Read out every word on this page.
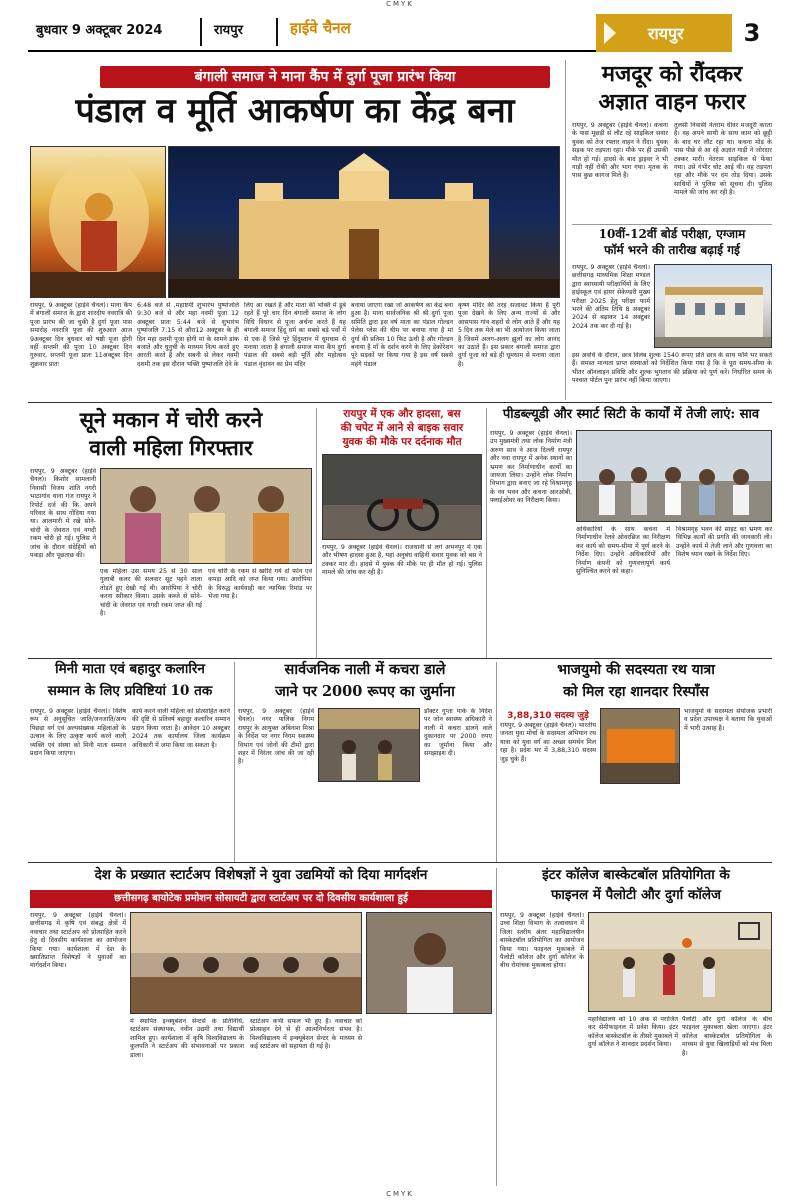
CMYK
बुधवार 9 अक्टूबर 2024	रायपुर	हाईवे चैनल	रायपुर	3
बंगाली समाज ने माना कैंप में दुर्गा पूजा प्रारंभ किया
पंडाल व मूर्ति आकर्षण का केंद्र बना
रायपुर, 9 अक्टूबर (हाईवे चैनल)। माना कैंप में बंगाली समाज के द्वारा शारदीय नवरात्रि की पूजा प्रारंभ की जा चुकी है दुर्गा पूजा पास समारोह नवरात्रि पूजा की शुरुआत आज 9अक्टूबर दिन बुधवार को षष्ठी पूजा होगी वहीं सप्तमी की पूजा 10 अक्टूबर दिन गुरुवार, सप्तमी पूजा प्रातः 11अक्टूबर दिन शुक्रवार प्रातः
6:48 बजे से ,महाष्टमी शुभारंभ पुष्पांजलि 9:30 बजे से और महा नवमी पूजा 12 अक्टूबर प्रातः 5:44 बजे से शुभारंभ पुष्पांजलि 7:15 से औरा12 अक्टूबर के ही दिन महा दशमी पूजा होगी मां के सामने डांक बजाते और धुनुची के माध्यम नित्य करते हुए आरती करते हैं और सबनी से लेकर नवमी दशमी तक इस दौरान भक्ति पुष्पांजलि देने के
लिए आ रखते हैं और माता की भक्ति में डूबे रहते हैं पूरे चार दिन बंगाली समाज के लोग विधि विधान से पूजा अर्चना करते हैं यह बंगाली समाज हिंदू धर्म का सबसे बड़े पर्वों में से एक है जिसे पूरे हिंदुस्तान में धूमधाम से मनाया जाता है बंगाली समाज माना कैंप दुर्गा पंडाल की सबसे बड़ी मूर्ति और महोत्सव पंडाल वृंदावन का प्रेम मंदिर
बनाया जाएगा रखा जो आकर्षण का केंद्र बना हुआ है। माना सार्वजनिक श्री श्री दुर्गा पूजा समिति द्वारा इस वर्ष माता का पंडाल गोल्डन पेलेस प्लेस की थीम पर बनाया गया है मां दुर्गा की प्रतिमा 10 फिट ऊंची है और गोल्डन बनाया है माँ के दर्शन करने के लिए डेकोरेशन पूरे सड़कों पर किया गया है इस वर्ष सबसे महंगे पंडाल
कृष्ण मंदिर की तरह सजावट किया है पूरी पूजा देखने के लिए अन्य राज्यों से और आसपास गांव शहरों से लोग आते हैं और यह 5 दिन तक मेले का भी आयोजन किया जाता है जिसमें अलग-अलग झूलों का लोग आनंद का उठाते हैं। इस प्रकार बंगाली समाज द्वारा दुर्गा पूजा को बड़े ही धूमधाम से मनाया जाता है।
मजदूर को रौंदकर
अज्ञात वाहन फरार
रायपुर, 9 अक्टूबर (हाईवे चैनल)। कचना के पास मूछड़ी से लौट रहे साइकिल सवार युवक को तेज रफ्तार वाहन ने रौंदा। युवक सड़क पर तड़पता रहा। मौके पर ही उसकी मौत हो गई। हादसे के बाद ड्राइवर ने भी गाड़ी नहीं रोकी और भाग गया। मृतक के पास कुछ कागज मिले हैं।
तुलसी निवासी नेतराम धीवर मजदूरी करता है। वह अपने साथी के साथ काम को छूट्टी के बाद घर लौट रहा था। कचना मोड़ के पास पीछे से आ रहे अज्ञात गाड़ी ने जोरदार टक्कर मारी। नेतराम साइकिल से फेंका गया। उसे गंभीर चोट आई थी। वह तड़पता रहा और मौके पर दम तोड़ दिया। उसके साथियों ने पुलिस को सूचना दी। पुलिस मामले की जांच कर रही है।
10वीं-12वीं बोर्ड परीक्षा, एग्जाम
फॉर्म भरने की तारीख बढ़ाई गई
रायपुर, 9 अक्टूबर (हाईवे चैनल)। छत्तीसगढ़ माध्यमिक शिक्षा मण्डल द्वारा स्वाध्यायी परीक्षार्थियों के लिए हाईस्कूल एवं हायर सेकेण्डरी मुख्य परीक्षा 2025 हेतु परीक्षा फार्म भरने की अंतिम तिथि 8 अक्टूबर 2024 से बढ़ाकर 14 अक्टूबर 2024 तक कर दी गई है।
इस अवधि के दौरान, छात्र विलंब शुल्क 1540 रूपए प्रति छात्र के साथ फॉर्म भर सकते हैं। समस्त मान्यता प्राप्त संस्थाओं को निर्देशित किया गया है कि वे पूरा समय-सीमा के भीतर ऑनलाइन प्रविष्टि और शुल्क भुगतान की प्रक्रिया को पूर्ण करें। निर्धारित समय के पश्चात पोर्टल पुनः प्रारंभ नहीं किया जाएगा।
सूने मकान में चोरी करने
वाली महिला गिरफ्तार
रायपुर, 9 अक्टूबर (हाईवे चैनल)। किशोर सामलानी निवासी विजय शांति नगरी भाठागांव थाना गंज रायपुर ने रिपोर्ट दर्ज की कि अपने परिवार के साथ गोंदिया गया था। आलमारी में रखे सोने-चांदी के जेवरात एवं नगदी रकम चोरी हो गई। पुलिस ने जांच के दौरान संदेहियों को पकड़ा और पूछताछ की।
एक महिला उस समय 25 से 30 साल गुलाबी कलर की सलवार सूट पहने ताला तोड़ते हुए देखी गई थी। आरोपिया ने चोरी करना स्वीकार किया। उसके कब्जे से सोने-चांदी के जेवरात एवं नगदी रकम जप्त की गई है।
एवं चोरी के रकम से खरीदे गये दो फ़ोन एवं कपड़ा आदि को जप्त किया गया। आरोपिया के विरुद्ध कार्यवाही कर न्यायिक रिमांड पर भेजा गया है।
रायपुर में एक और हादसा, बस
की चपेट में आने से बाइक सवार
युवक की मौके पर दर्दनाक मौत
रायपुर, 9 अक्टूबर (हाईवे चैनल)। राजधानी से लगे अभनपुर में एक और भीषण हादसा हुआ है, यहां अनुबंध वाहिनी सवार युवक को बस ने टक्कर मार दी। हादसे में युवक की मौके पर ही मौत हो गई। पुलिस मामले की जांच कर रही है।
पीडब्ल्यूडी और स्मार्ट सिटी के कार्यों में तेजी लाएं: साव
रायपुर, 9 अक्टूबर (हाईवे चैनल)। उप मुख्यमंत्री तथा लोक निर्माण मंत्री अरुण साव ने आज दिल्ली रायपुर और नवा रायपुर में अनेक स्थानों का भ्रमण कर निर्माणाधीन कार्यों का जायजा लिया। उन्होंने लोक निर्माण विभाग द्वारा बनाए जा रहे विश्रामगृह के नव भवन और कचना आरओबी, फ्लाईओवर का निरीक्षण किया।
अधिकारियों के साथ कचना में निर्माणाधीन रेलवे ओवरब्रिज का निरीक्षण कर कार्य को समय-सीमा में पूर्ण करने के निर्देश दिए। उन्होंने अधिकारियों और निर्माण कंपनी को गुणवत्तापूर्ण कार्य सुनिश्चित करने को कहा।
विश्रामगृह भवन की साइट का भ्रमण कर विभिन्न कार्यों की प्रगति की जानकारी ली। उन्होंने कार्य में तेजी लाने और गुणवत्ता का विशेष ध्यान रखने के निर्देश दिए।
मिनी माता एवं बहादुर कलारिन
सम्मान के लिए प्रविष्टियां 10 तक
रायपुर, 9 अक्टूबर (हाईवे चैनल)। विशेष रूप से अनुसूचित जाति/जनजाति/अन्य पिछड़ा वर्ग एवं अल्पसंख्यक महिलाओं के उत्थान के लिए उत्कृष्ट कार्य करने वाली व्यक्ति एवं संस्था को मिनी माता सम्मान प्रदान किया जाएगा।
कार्य करने वाली महिला को प्रोत्साहित करने की दृष्टि से प्रतिवर्ष बहादुर कलारिन सम्मान प्रदान किया जाता है। आवेदन 10 अक्टूबर 2024 तक कार्यालय जिला कार्यक्रम अधिकारी में जमा किया जा सकता है।
सार्वजनिक नाली में कचरा डाले
जाने पर 2000 रूपए का जुर्माना
रायपुर, 9 अक्टूबर (हाईवे चैनल)। नगर पालिक निगम रायपुर के आयुक्त अबिनाश मिश्रा के निर्देश पर नगर निगम स्वास्थ्य विभाग एवं जोनों की टीमों द्वारा शहर में निरंतर जांच की जा रही है।
डॉक्टर गुप्ता पार्क के निर्देश पर जोन स्वास्थ्य अधिकारी ने नाली में कचरा डालने वाले दुकानदार पर 2000 रुपए का जुर्माना किया और समझाइश दी।
भाजयुमो की सदस्यता रथ यात्रा
को मिल रहा शानदार रिस्पॉंस
3,88,310 सदस्य जुड़े
रायपुर, 9 अक्टूबर (हाईवे चैनल)। भारतीय जनता युवा मोर्चा के सदस्यता अभियान रथ यात्रा को युवा वर्ग का अच्छा समर्थन मिल रहा है। प्रदेश भर में 3,88,310 सदस्य जुड़ चुके हैं।
भाजयुमो के सदस्यता संयोजक प्रभारी व प्रदेश उपाध्यक्ष ने बताया कि युवाओं में भारी उत्साह है।
देश के प्रख्यात स्टार्टअप विशेषज्ञों ने युवा उद्यमियों को दिया मार्गदर्शन
छत्तीसगढ़ बायोटेक प्रमोशन सोसायटी द्वारा स्टार्टअप पर दो दिवसीय कार्यशाला हुई
रायपुर, 9 अक्टूबर (हाईवे चैनल)। छत्तीसगढ़ में कृषि एवं संबद्ध क्षेत्रों में नवाचार तथा स्टार्टअप को प्रोत्साहित करने हेतु दो दिवसीय कार्यशाला का आयोजन किया गया। कार्यशाला में देश के ख्यातिप्राप्त विशेषज्ञों ने युवाओं का मार्गदर्शन किया।
में स्थापित इन्क्यूबेशन सेन्टर्स के प्रतिनिधि, स्टार्टअप संस्थापक, नवीन उद्यमी तथा विद्यार्थी शामिल हुए। कार्यशाला में कृषि विश्वविद्यालय के कुलपति ने स्टार्टअप की संभावनाओं पर प्रकाश डाला।
स्टार्टअप कभी सफल भी हुए हैं। नवाचार को प्रोत्साहन देने से ही आत्मनिर्भरता संभव है। विश्वविद्यालय में इन्क्यूबेशन सेन्टर के माध्यम से कई स्टार्टअप को सहायता दी गई है।
इंटर कॉलेज बास्केटबॉल प्रतियोगिता के
फाइनल में पैलोटी और दुर्गा कॉलेज
रायपुर, 9 अक्टूबर (हाईवे चैनल)। उच्च शिक्षा विभाग के तत्वावधान में जिला स्तरीय अंतर महाविद्यालयीन बास्केटबॉल प्रतियोगिता का आयोजन किया गया। फाइनल मुकाबले में पैलोटी कॉलेज और दुर्गा कॉलेज के बीच रोमांचक मुकाबला होगा।
महाविद्यालय को 10 अंक से पराजित कर सेमीफाइनल में प्रवेश किया। इंटर कॉलेज बास्केटबॉल के तीसरे मुकाबले में दुर्गा कॉलेज ने शानदार प्रदर्शन किया।
पैलोटी और दुर्गा कॉलेज के बीच फाइनल मुकाबला खेला जाएगा। इंटर कॉलेज बास्केटबॉल प्रतियोगिता के माध्यम से युवा खिलाड़ियों को मंच मिला है।
CMYK
